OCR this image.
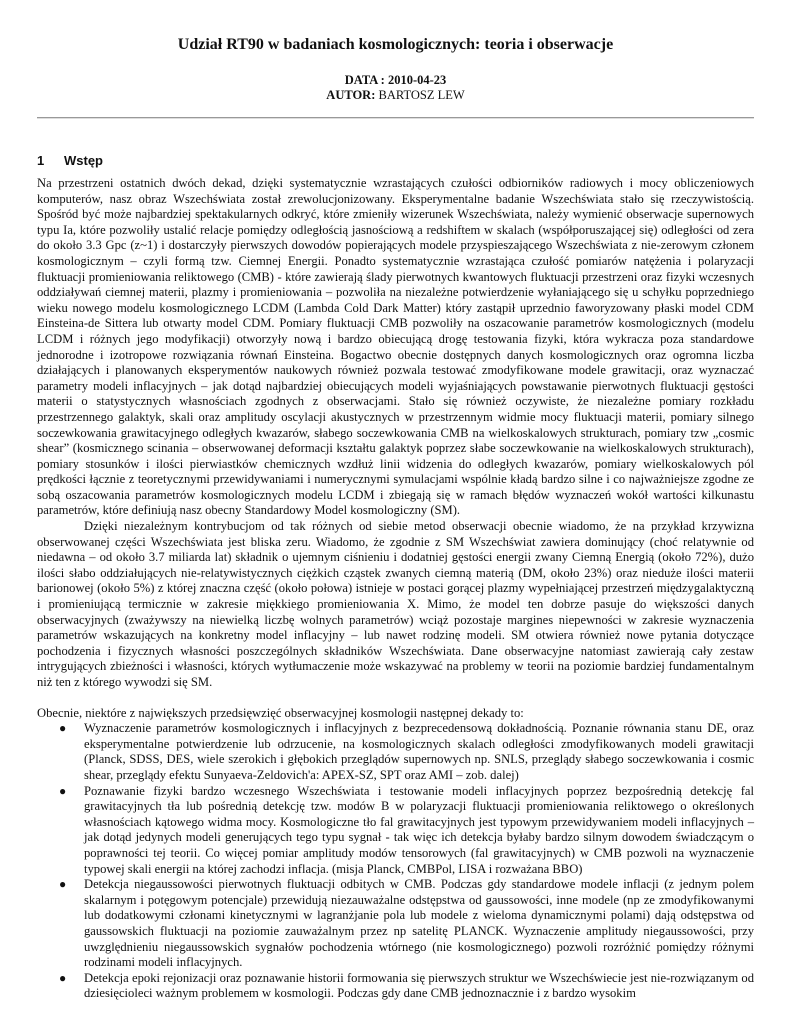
Udział RT90 w badaniach kosmologicznych: teoria i obserwacje
DATA : 2010-04-23
AUTOR: BARTOSZ LEW
1 Wstęp

Na przestrzeni ostatnich dwóch dekad, dzięki systematycznie wzrastających czułości odbiorników radiowych i mocy obliczeniowych komputerów, nasz obraz Wszechświata został zrewolucjonizowany. Eksperymentalne badanie Wszechświata stało się rzeczywistością. Spośród być może najbardziej spektakularnych odkryć, które zmieniły wizerunek Wszechświata, należy wymienić obserwacje supernowych typu Ia, które pozwoliły ustalić relacje pomiędzy odległością jasnościową a redshiftem w skalach (współporuszającej się) odległości od zera do około 3.3 Gpc (z~1) i dostarczyły pierwszych dowodów popierających modele przyspieszającego Wszechświata z nie-zerowym członem kosmologicznym – czyli formą tzw. Ciemnej Energii. Ponadto systematycznie wzrastająca czułość pomiarów natężenia i polaryzacji fluktuacji promieniowania reliktowego (CMB) - które zawierają ślady pierwotnych kwantowych fluktuacji przestrzeni oraz fizyki wczesnych oddziaływań ciemnej materii, plazmy i promieniowania – pozwoliła na niezależne potwierdzenie wyłaniającego się u schyłku poprzedniego wieku nowego modelu kosmologicznego LCDM (Lambda Cold Dark Matter) który zastąpił uprzednio faworyzowany płaski model CDM Einsteina-de Sittera lub otwarty model CDM. Pomiary fluktuacji CMB pozwoliły na oszacowanie parametrów kosmologicznych (modelu LCDM i różnych jego modyfikacji) otworzyły nową i bardzo obiecującą drogę testowania fizyki, która wykracza poza standardowe jednorodne i izotropowe rozwiązania równań Einsteina. Bogactwo obecnie dostępnych danych kosmologicznych oraz ogromna liczba działających i planowanych eksperymentów naukowych również pozwala testować zmodyfikowane modele grawitacji, oraz wyznaczać parametry modeli inflacyjnych – jak dotąd najbardziej obiecujących modeli wyjaśniających powstawanie pierwotnych fluktuacji gęstości materii o statystycznych własnościach zgodnych z obserwacjami. Stało się również oczywiste, że niezależne pomiary rozkładu przestrzennego galaktyk, skali oraz amplitudy oscylacji akustycznych w przestrzennym widmie mocy fluktuacji materii, pomiary silnego soczewkowania grawitacyjnego odległych kwazarów, słabego soczewkowania CMB na wielkoskalowych strukturach, pomiary tzw „cosmic shear” (kosmicznego scinania – obserwowanej deformacji kształtu galaktyk poprzez słabe soczewkowanie na wielkoskalowych strukturach), pomiary stosunków i ilości pierwiastków chemicznych wzdłuż linii widzenia do odległych kwazarów, pomiary wielkoskalowych pól prędkości łącznie z teoretycznymi przewidywaniami i numerycznymi symulacjami wspólnie kładą bardzo silne i co najważniejsze zgodne ze sobą oszacowania parametrów kosmologicznych modelu LCDM i zbiegają się w ramach błędów wyznaczeń wokół wartości kilkunastu parametrów, które definiują nasz obecny Standardowy Model kosmologiczny (SM).

Dzięki niezależnym kontrybucjom od tak różnych od siebie metod obserwacji obecnie wiadomo, że na przykład krzywizna obserwowanej części Wszechświata jest bliska zeru. Wiadomo, że zgodnie z SM Wszechświat zawiera dominujący (choć relatywnie od niedawna – od około 3.7 miliarda lat) składnik o ujemnym ciśnieniu i dodatniej gęstości energii zwany Ciemną Energią (około 72%), dużo ilości słabo oddziałujących nie-relatywistycznych ciężkich cząstek zwanych ciemną materią (DM, około 23%) oraz nieduże ilości materii barionowej (około 5%) z której znaczna część (około połowa) istnieje w postaci gorącej plazmy wypełniającej przestrzeń międzygalaktyczną i promieniującą termicznie w zakresie miękkiego promieniowania X. Mimo, że model ten dobrze pasuje do większości danych obserwacyjnych (zważywszy na niewielką liczbę wolnych parametrów) wciąż pozostaje margines niepewności w zakresie wyznaczenia parametrów wskazujących na konkretny model inflacyjny – lub nawet rodzinę modeli. SM otwiera również nowe pytania dotyczące pochodzenia i fizycznych własności poszczególnych składników Wszechświata. Dane obserwacyjne natomiast zawierają cały zestaw intrygujących zbieżności i własności, których wytłumaczenie może wskazywać na problemy w teorii na poziomie bardziej fundamentalnym niż ten z którego wywodzi się SM.

Obecnie, niektóre z największych przedsięwzięć obserwacyjnej kosmologii następnej dekady to:

● Wyznaczenie parametrów kosmologicznych i inflacyjnych z bezprecedensową dokładnością. Poznanie równania stanu DE, oraz eksperymentalne potwierdzenie lub odrzucenie, na kosmologicznych skalach odległości zmodyfikowanych modeli grawitacji (Planck, SDSS, DES, wiele szerokich i głębokich przeglądów supernowych np. SNLS, przeglądy słabego soczewkowania i cosmic shear, przeglądy efektu Sunyaeva-Zeldovich'a: APEX-SZ, SPT oraz AMI – zob. dalej)
● Poznawanie fizyki bardzo wczesnego Wszechświata i testowanie modeli inflacyjnych poprzez bezpośrednią detekcję fal grawitacyjnych tła lub pośrednią detekcję tzw. modów B w polaryzacji fluktuacji promieniowania reliktowego o określonych własnościach kątowego widma mocy. Kosmologiczne tło fal grawitacyjnych jest typowym przewidywaniem modeli inflacyjnych – jak dotąd jedynych modeli generujących tego typu sygnał - tak więc ich detekcja byłaby bardzo silnym dowodem świadczącym o poprawności tej teorii. Co więcej pomiar amplitudy modów tensorowych (fal grawitacyjnych) w CMB pozwoli na wyznaczenie typowej skali energii na której zachodzi inflacja. (misja Planck, CMBPol, LISA i rozważana BBO)
● Detekcja niegaussowości pierwotnych fluktuacji odbitych w CMB. Podczas gdy standardowe modele inflacji (z jednym polem skalarnym i potęgowym potencjale) przewidują niezauważalne odstępstwa od gaussowości, inne modele (np ze zmodyfikowanymi lub dodatkowymi członami kinetycznymi w lagranżjanie pola lub modele z wieloma dynamicznymi polami) dają odstępstwa od gaussowskich fluktuacji na poziomie zauważalnym przez np satelitę PLANCK. Wyznaczenie amplitudy niegaussowości, przy uwzględnieniu niegaussowskich sygnałów pochodzenia wtórnego (nie kosmologicznego) pozwoli rozróżnić pomiędzy różnymi rodzinami modeli inflacyjnych.
● Detekcja epoki rejonizacji oraz poznawanie historii formowania się pierwszych struktur we Wszechświecie jest nie-rozwiązanym od dziesięcioleci ważnym problemem w kosmologii. Podczas gdy dane CMB jednoznacznie i z bardzo wysokim
